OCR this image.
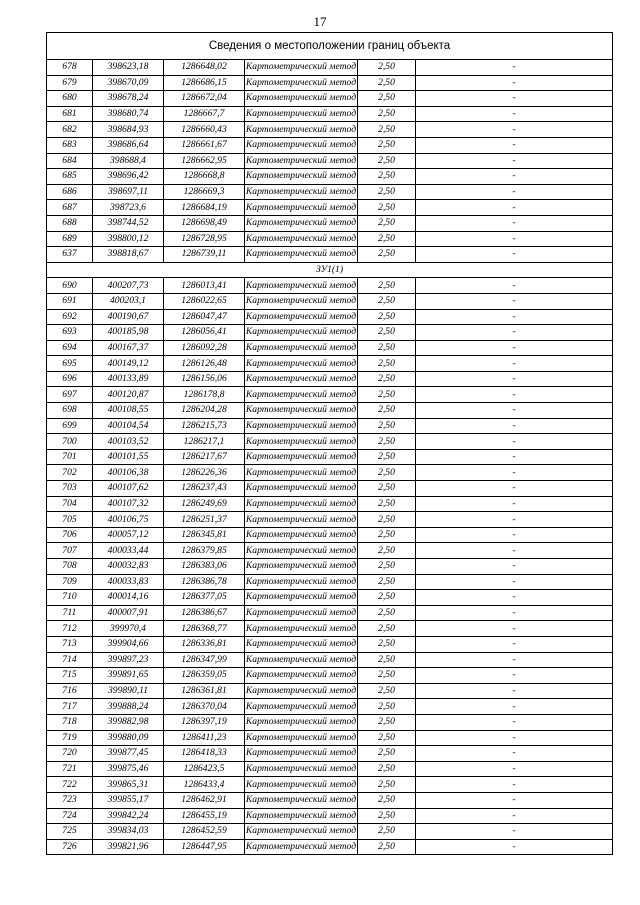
17
Сведения о местоположении границ объекта					
678	398623,18	1286648,02	Картометрический метод	2,50	-
679	398670,09	1286686,15	Картометрический метод	2,50	-
680	398678,24	1286672,04	Картометрический метод	2,50	-
681	398680,74	1286667,7	Картометрический метод	2,50	-
682	398684,93	1286660,43	Картометрический метод	2,50	-
683	398686,64	1286661,67	Картометрический метод	2,50	-
684	398688,4	1286662,95	Картометрический метод	2,50	-
685	398696,42	1286668,8	Картометрический метод	2,50	-
686	398697,11	1286669,3	Картометрический метод	2,50	-
687	398723,6	1286684,19	Картометрический метод	2,50	-
688	398744,52	1286698,49	Картометрический метод	2,50	-
689	398800,12	1286728,95	Картометрический метод	2,50	-
637	398818,67	1286739,11	Картометрический метод	2,50	-
ЗУ1(1)					
690	400207,73	1286013,41	Картометрический метод	2,50	-
691	400203,1	1286022,65	Картометрический метод	2,50	-
692	400190,67	1286047,47	Картометрический метод	2,50	-
693	400185,98	1286056,41	Картометрический метод	2,50	-
694	400167,37	1286092,28	Картометрический метод	2,50	-
695	400149,12	1286126,48	Картометрический метод	2,50	-
696	400133,89	1286156,06	Картометрический метод	2,50	-
697	400120,87	1286178,8	Картометрический метод	2,50	-
698	400108,55	1286204,28	Картометрический метод	2,50	-
699	400104,54	1286215,73	Картометрический метод	2,50	-
700	400103,52	1286217,1	Картометрический метод	2,50	-
701	400101,55	1286217,67	Картометрический метод	2,50	-
702	400106,38	1286226,36	Картометрический метод	2,50	-
703	400107,62	1286237,43	Картометрический метод	2,50	-
704	400107,32	1286249,69	Картометрический метод	2,50	-
705	400106,75	1286251,37	Картометрический метод	2,50	-
706	400057,12	1286345,81	Картометрический метод	2,50	-
707	400033,44	1286379,85	Картометрический метод	2,50	-
708	400032,83	1286383,06	Картометрический метод	2,50	-
709	400033,83	1286386,78	Картометрический метод	2,50	-
710	400014,16	1286377,05	Картометрический метод	2,50	-
711	400007,91	1286386,67	Картометрический метод	2,50	-
712	399970,4	1286368,77	Картометрический метод	2,50	-
713	399904,66	1286336,81	Картометрический метод	2,50	-
714	399897,23	1286347,99	Картометрический метод	2,50	-
715	399891,65	1286359,05	Картометрический метод	2,50	-
716	399890,11	1286361,81	Картометрический метод	2,50	-
717	399888,24	1286370,04	Картометрический метод	2,50	-
718	399882,98	1286397,19	Картометрический метод	2,50	-
719	399880,09	1286411,23	Картометрический метод	2,50	-
720	399877,45	1286418,33	Картометрический метод	2,50	-
721	399875,46	1286423,5	Картометрический метод	2,50	-
722	399865,31	1286433,4	Картометрический метод	2,50	-
723	399855,17	1286462,91	Картометрический метод	2,50	-
724	399842,24	1286455,19	Картометрический метод	2,50	-
725	399834,03	1286452,59	Картометрический метод	2,50	-
726	399821,96	1286447,95	Картометрический метод	2,50	-
